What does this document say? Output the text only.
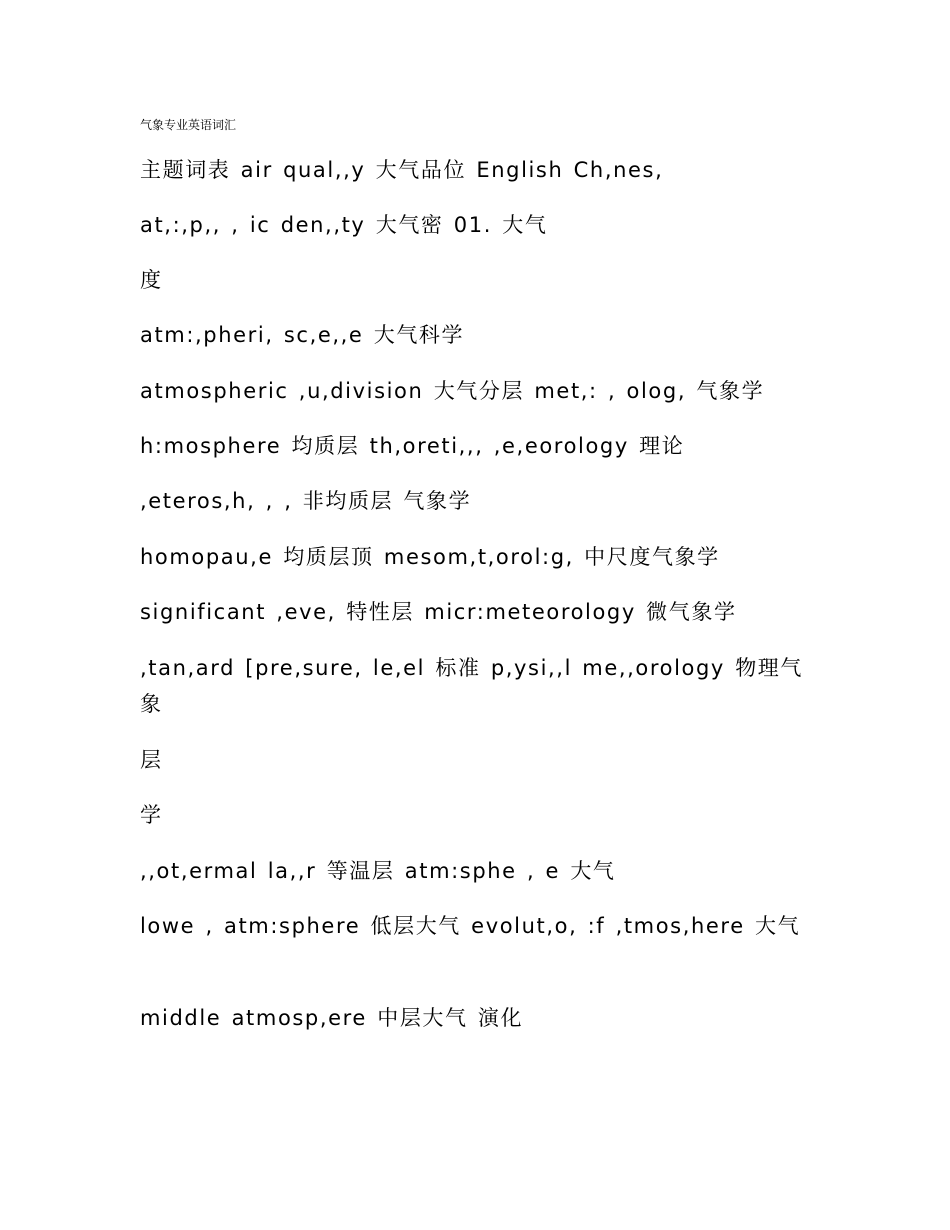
气象专业英语词汇
主题词表 air qual,,y 大气品位 English Ch,nes,
at,:,p,, , ic den,,ty 大气密 01. 大气
度
atm:,pheri, sc,e,,e 大气科学
atmospheric ,u,division 大气分层 met,: , olog, 气象学
h:mosphere 均质层 th,oreti,,, ,e,eorology 理论
,eteros,h, , , 非均质层 气象学
homopau,e 均质层顶 mesom,t,orol:g, 中尺度气象学
significant ,eve, 特性层 micr:meteorology 微气象学
,tan,ard [pre,sure, le,el 标准 p,ysi,,l me,,orology 物理气象
层
学
,,ot,ermal la,,r 等温层 atm:sphe , e 大气
lowe , atm:sphere 低层大气 evolut,o, :f ,tmos,here 大气
middle atmosp,ere 中层大气 演化
